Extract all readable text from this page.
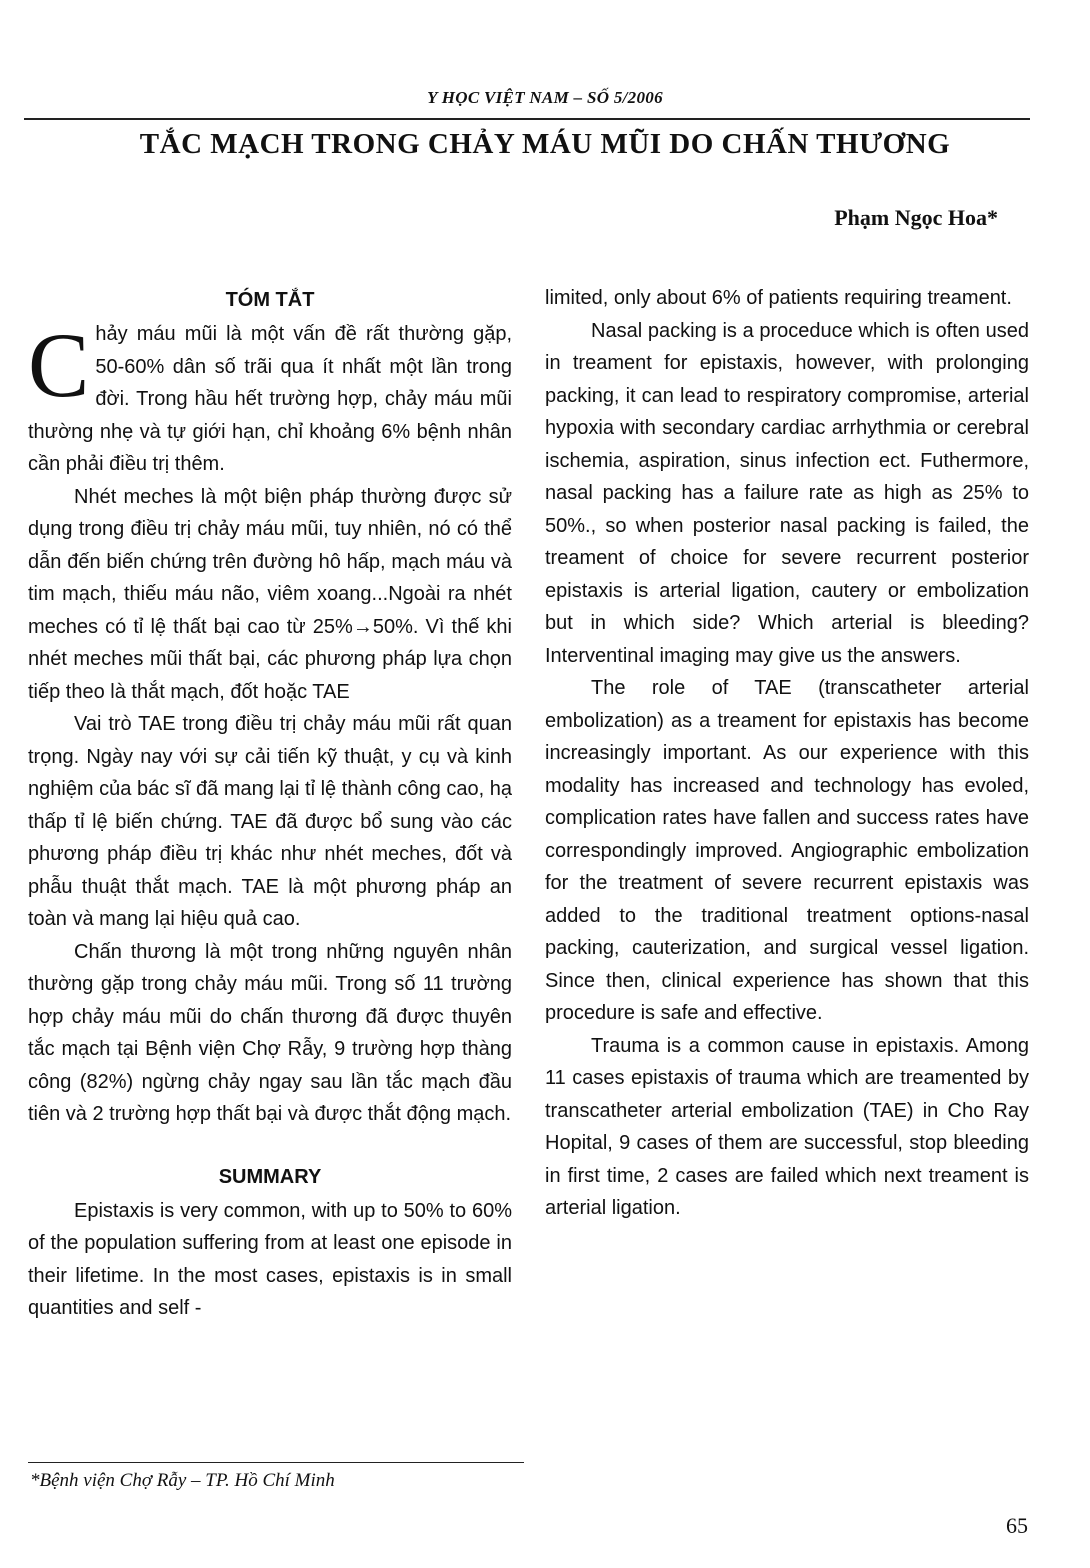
Y HỌC VIỆT NAM – SỐ 5/2006
TẮC MẠCH TRONG CHẢY MÁU MŨI DO CHẤN THƯƠNG
Phạm Ngọc Hoa*
TÓM TẮT

Chảy máu mũi là một vấn đề rất thường gặp, 50-60% dân số trãi qua ít nhất một lần trong đời. Trong hầu hết trường hợp, chảy máu mũi thường nhẹ và tự giới hạn, chỉ khoảng 6% bệnh nhân cần phải điều trị thêm.

Nhét meches là một biện pháp thường được sử dụng trong điều trị chảy máu mũi, tuy nhiên, nó có thể dẫn đến biến chứng trên đường hô hấp, mạch máu và tim mạch, thiếu máu não, viêm xoang...Ngoài ra nhét meches có tỉ lệ thất bại cao từ 25%→50%. Vì thế khi nhét meches mũi thất bại, các phương pháp lựa chọn tiếp theo là thắt mạch, đốt hoặc TAE

Vai trò TAE trong điều trị chảy máu mũi rất quan trọng. Ngày nay với sự cải tiến kỹ thuật, y cụ và kinh nghiệm của bác sĩ đã mang lại tỉ lệ thành công cao, hạ thấp tỉ lệ biến chứng. TAE đã được bổ sung vào các phương pháp điều trị khác như nhét meches, đốt và phẫu thuật thắt mạch. TAE là một phương pháp an toàn và mang lại hiệu quả cao.

Chấn thương là một trong những nguyên nhân thường gặp trong chảy máu mũi. Trong số 11 trường hợp chảy máu mũi do chấn thương đã được thuyên tắc mạch tại Bệnh viện Chợ Rẫy, 9 trường hợp thàng công (82%) ngừng chảy ngay sau lần tắc mạch đầu tiên và 2 trường hợp thất bại và được thắt động mạch.

SUMMARY

Epistaxis is very common, with up to 50% to 60% of the population suffering from at least one episode in their lifetime. In the most cases, epistaxis is in small quantities and self -

limited, only about 6% of patients requiring treament.

Nasal packing is a proceduce which is often used in treament for epistaxis, however, with prolonging packing, it can lead to respiratory compromise, arterial hypoxia with secondary cardiac arrhythmia or cerebral ischemia, aspiration, sinus infection ect. Futhermore, nasal packing has a failure rate as high as 25% to 50%., so when posterior nasal packing is failed, the treament of choice for severe recurrent posterior epistaxis is arterial ligation, cautery or embolization but in which side? Which arterial is bleeding? Interventinal imaging may give us the answers.

The role of TAE (transcatheter arterial embolization) as a treament for epistaxis has become increasingly important. As our experience with this modality has increased and technology has evoled, complication rates have fallen and success rates have correspondingly improved. Angiographic embolization for the treatment of severe recurrent epistaxis was added to the traditional treatment options-nasal packing, cauterization, and surgical vessel ligation. Since then, clinical experience has shown that this procedure is safe and effective.

Trauma is a common cause in epistaxis. Among 11 cases epistaxis of trauma which are treamented by transcatheter arterial embolization (TAE) in Cho Ray Hopital, 9 cases of them are successful, stop bleeding in first time, 2 cases are failed which next treament is arterial ligation.

*Bệnh viện Chợ Rẫy – TP. Hồ Chí Minh
65
